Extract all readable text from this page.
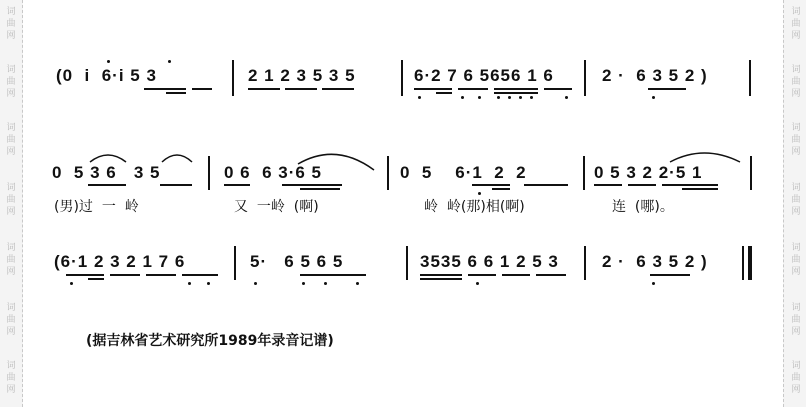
词
曲
网
词
曲
网
词
曲
网
词
曲
网
词
曲
网
词
曲
网
词
曲
网
词
曲
网
词
曲
网
词
曲
网
词
曲
网
词
曲
网
词
曲
网
词
曲
网
(0  i  6·i 5 3	2 1 2 3 5 3 5	6·2 7 6 5656 1 6	2 ·  6 3 5 2 )
0  5 3 6   3 5	0 6  6 3·6 5	0  5    6·1  2  2	0 5 3 2 2·5 1
(男)过  一  岭	又  一岭  (啊)	岭  岭(那)相(啊)	连  (哪)。
(6·1 2 3 2 1 7 6	5·   6 5 6 5	3535 6 6 1 2 5 3	2 ·  6 3 5 2 )
(据吉林省艺术研究所1989年录音记谱)
